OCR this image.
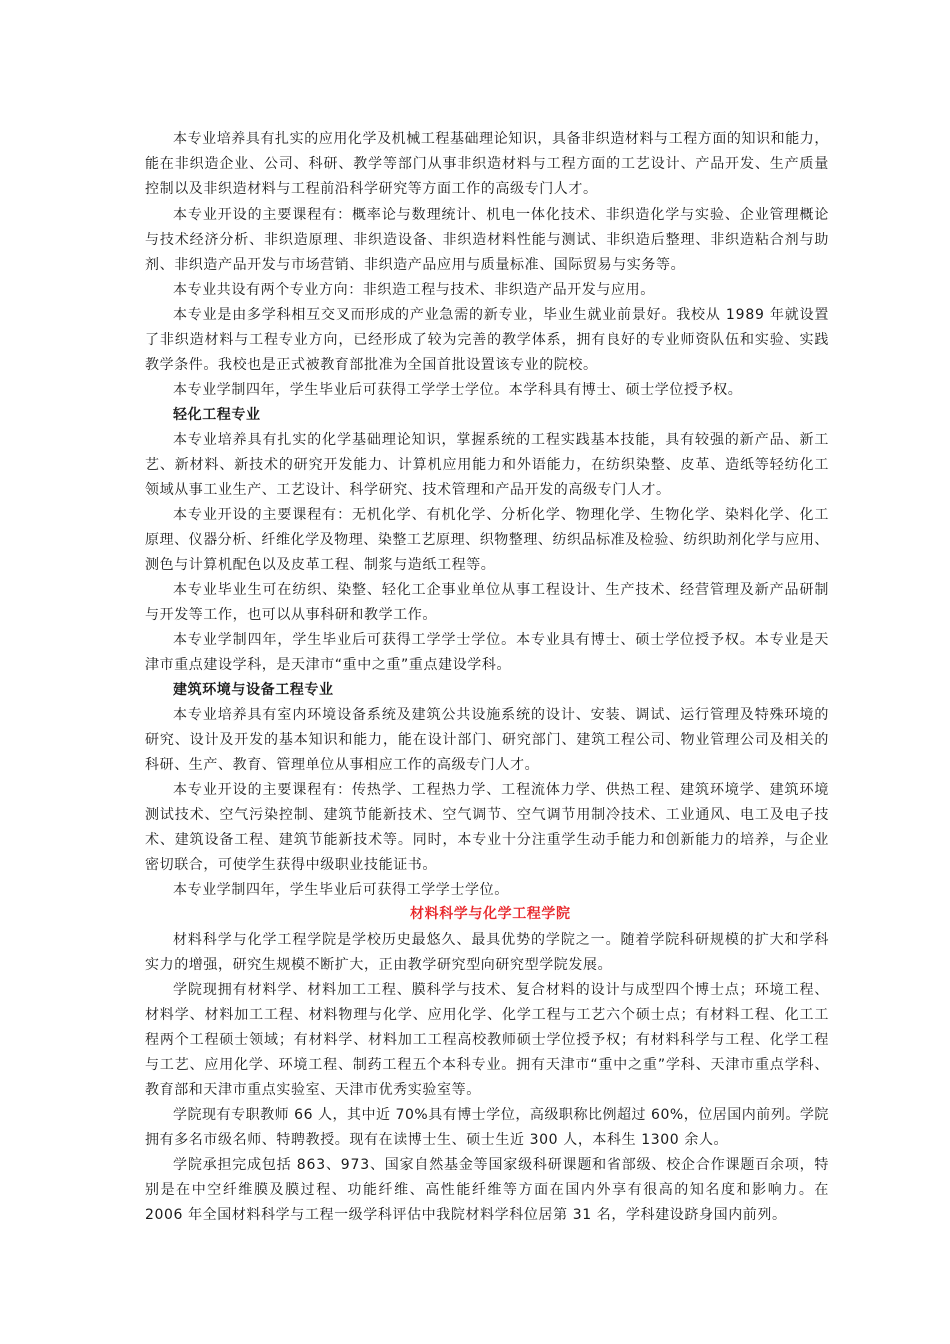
本专业培养具有扎实的应用化学及机械工程基础理论知识，具备非织造材料与工程方面的知识和能力，
能在非织造企业、公司、科研、教学等部门从事非织造材料与工程方面的工艺设计、产品开发、生产质量
控制以及非织造材料与工程前沿科学研究等方面工作的高级专门人才。
本专业开设的主要课程有：概率论与数理统计、机电一体化技术、非织造化学与实验、企业管理概论
与技术经济分析、非织造原理、非织造设备、非织造材料性能与测试、非织造后整理、非织造粘合剂与助
剂、非织造产品开发与市场营销、非织造产品应用与质量标准、国际贸易与实务等。
本专业共设有两个专业方向：非织造工程与技术、非织造产品开发与应用。
本专业是由多学科相互交叉而形成的产业急需的新专业，毕业生就业前景好。我校从 1989 年就设置
了非织造材料与工程专业方向，已经形成了较为完善的教学体系，拥有良好的专业师资队伍和实验、实践
教学条件。我校也是正式被教育部批准为全国首批设置该专业的院校。
本专业学制四年，学生毕业后可获得工学学士学位。本学科具有博士、硕士学位授予权。
轻化工程专业
本专业培养具有扎实的化学基础理论知识，掌握系统的工程实践基本技能，具有较强的新产品、新工
艺、新材料、新技术的研究开发能力、计算机应用能力和外语能力，在纺织染整、皮革、造纸等轻纺化工
领域从事工业生产、工艺设计、科学研究、技术管理和产品开发的高级专门人才。
本专业开设的主要课程有：无机化学、有机化学、分析化学、物理化学、生物化学、染料化学、化工
原理、仪器分析、纤维化学及物理、染整工艺原理、织物整理、纺织品标准及检验、纺织助剂化学与应用、
测色与计算机配色以及皮革工程、制浆与造纸工程等。
本专业毕业生可在纺织、染整、轻化工企事业单位从事工程设计、生产技术、经营管理及新产品研制
与开发等工作，也可以从事科研和教学工作。
本专业学制四年，学生毕业后可获得工学学士学位。本专业具有博士、硕士学位授予权。本专业是天
津市重点建设学科，是天津市“重中之重”重点建设学科。
建筑环境与设备工程专业
本专业培养具有室内环境设备系统及建筑公共设施系统的设计、安装、调试、运行管理及特殊环境的
研究、设计及开发的基本知识和能力，能在设计部门、研究部门、建筑工程公司、物业管理公司及相关的
科研、生产、教育、管理单位从事相应工作的高级专门人才。
本专业开设的主要课程有：传热学、工程热力学、工程流体力学、供热工程、建筑环境学、建筑环境
测试技术、空气污染控制、建筑节能新技术、空气调节、空气调节用制冷技术、工业通风、电工及电子技
术、建筑设备工程、建筑节能新技术等。同时，本专业十分注重学生动手能力和创新能力的培养，与企业
密切联合，可使学生获得中级职业技能证书。
本专业学制四年，学生毕业后可获得工学学士学位。
材料科学与化学工程学院
材料科学与化学工程学院是学校历史最悠久、最具优势的学院之一。随着学院科研规模的扩大和学科
实力的增强，研究生规模不断扩大，正由教学研究型向研究型学院发展。
学院现拥有材料学、材料加工工程、膜科学与技术、复合材料的设计与成型四个博士点；环境工程、
材料学、材料加工工程、材料物理与化学、应用化学、化学工程与工艺六个硕士点；有材料工程、化工工
程两个工程硕士领域；有材料学、材料加工工程高校教师硕士学位授予权；有材料科学与工程、化学工程
与工艺、应用化学、环境工程、制药工程五个本科专业。拥有天津市“重中之重”学科、天津市重点学科、
教育部和天津市重点实验室、天津市优秀实验室等。
学院现有专职教师 66 人，其中近 70%具有博士学位，高级职称比例超过 60%，位居国内前列。学院
拥有多名市级名师、特聘教授。现有在读博士生、硕士生近 300 人，本科生 1300 余人。
学院承担完成包括 863、973、国家自然基金等国家级科研课题和省部级、校企合作课题百余项，特
别是在中空纤维膜及膜过程、功能纤维、高性能纤维等方面在国内外享有很高的知名度和影响力。在
2006 年全国材料科学与工程一级学科评估中我院材料学科位居第 31 名，学科建设跻身国内前列。
